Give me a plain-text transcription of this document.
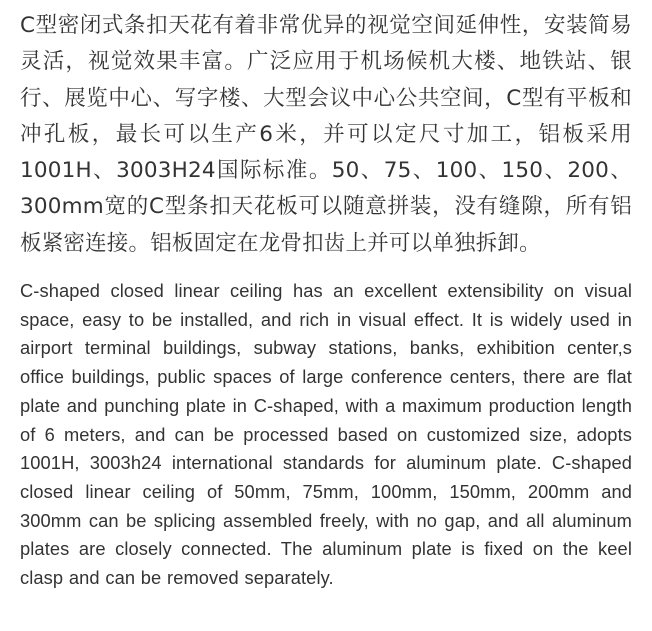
C型密闭式条扣天花有着非常优异的视觉空间延伸性，安装简易灵活，视觉效果丰富。广泛应用于机场候机大楼、地铁站、银行、展览中心、写字楼、大型会议中心公共空间，C型有平板和冲孔板，最长可以生产6米，并可以定尺寸加工，铝板采用1001H、3003H24国际标准。50、75、100、150、200、300mm宽的C型条扣天花板可以随意拼装，没有缝隙，所有铝板紧密连接。铝板固定在龙骨扣齿上并可以单独拆卸。

C-shaped closed linear ceiling has an excellent extensibility on visual space, easy to be installed, and rich in visual effect. It is widely used in airport terminal buildings, subway stations, banks, exhibition center,s office buildings, public spaces of large conference centers, there are flat plate and punching plate in C-shaped, with a maximum production length of 6 meters, and can be processed based on customized size, adopts 1001H, 3003h24 international standards for aluminum plate. C-shaped closed linear ceiling of 50mm, 75mm, 100mm, 150mm, 200mm and 300mm can be splicing assembled freely, with no gap, and all aluminum plates are closely connected. The aluminum plate is fixed on the keel clasp and can be removed separately.
